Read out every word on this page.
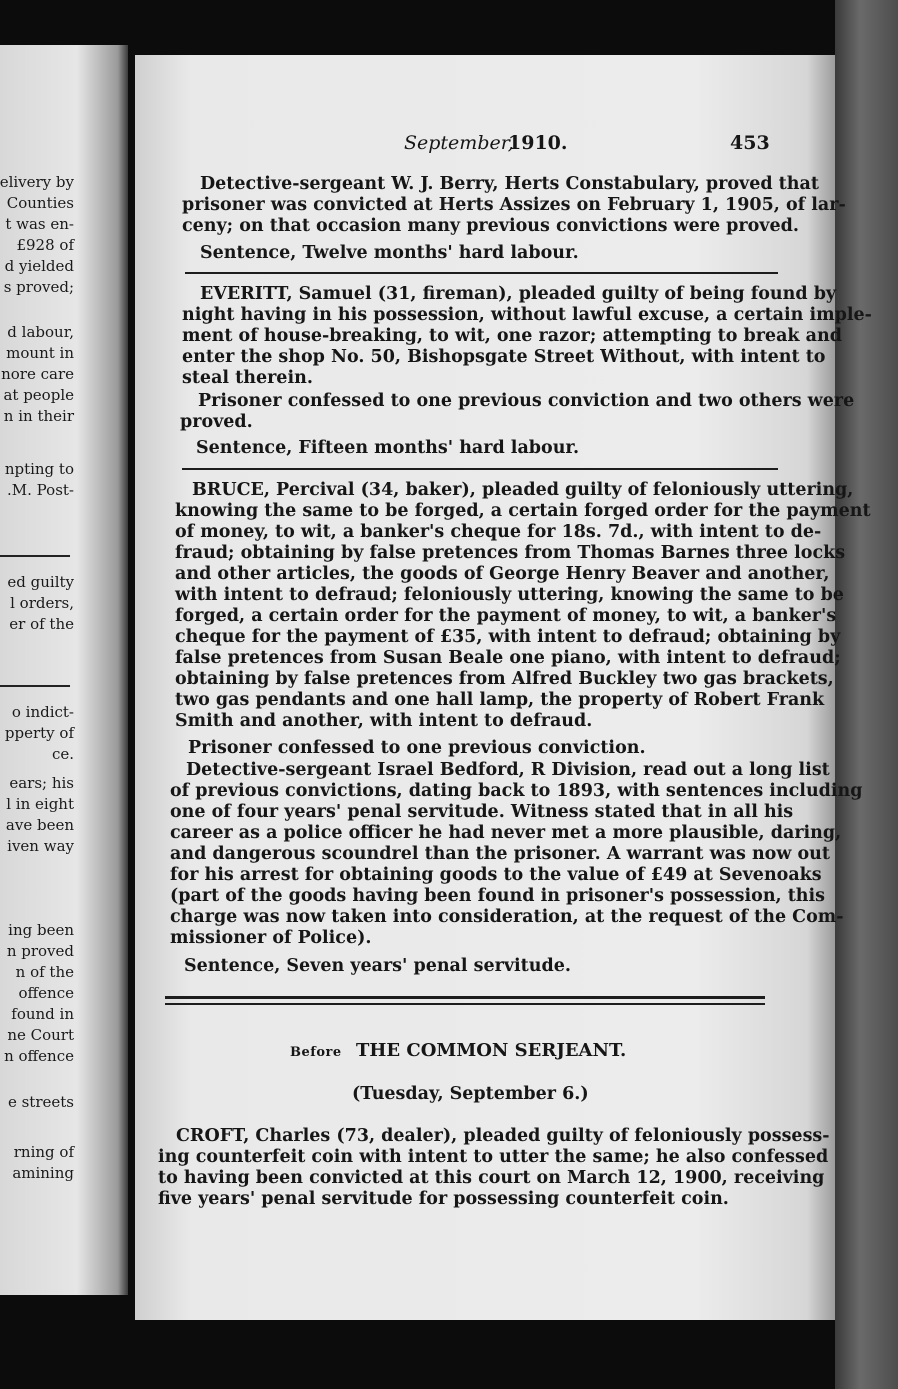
elivery by
Counties
t was en-
£928 of
d yielded
s proved;
d labour,
mount in
nore care
at people
n in their
npting to
.M. Post-
ed guilty
l orders,
er of the
o indict-
pperty of
ce.
ears; his
l in eight
ave been
iven way
ing been
n proved
n of the
offence
found in
ne Court
n offence
e streets
rning of
amining
September,
1910.	453
Detective-sergeant W. J. Berry, Herts Constabulary, proved that
prisoner was convicted at Herts Assizes on February 1, 1905, of lar-
ceny; on that occasion many previous convictions were proved.
Sentence, Twelve months' hard labour.
EVERITT, Samuel (31, fireman), pleaded guilty of being found by
night having in his possession, without lawful excuse, a certain imple-
ment of house-breaking, to wit, one razor; attempting to break and
enter the shop No. 50, Bishopsgate Street Without, with intent to
steal therein.
Prisoner confessed to one previous conviction and two others were
proved.
Sentence, Fifteen months' hard labour.
BRUCE, Percival (34, baker), pleaded guilty of feloniously uttering,
knowing the same to be forged, a certain forged order for the payment
of money, to wit, a banker's cheque for 18s. 7d., with intent to de-
fraud; obtaining by false pretences from Thomas Barnes three locks
and other articles, the goods of George Henry Beaver and another,
with intent to defraud; feloniously uttering, knowing the same to be
forged, a certain order for the payment of money, to wit, a banker's
cheque for the payment of £35, with intent to defraud; obtaining by
false pretences from Susan Beale one piano, with intent to defraud;
obtaining by false pretences from Alfred Buckley two gas brackets,
two gas pendants and one hall lamp, the property of Robert Frank
Smith and another, with intent to defraud.
Prisoner confessed to one previous conviction.
Detective-sergeant Israel Bedford, R Division, read out a long list
of previous convictions, dating back to 1893, with sentences including
one of four years' penal servitude. Witness stated that in all his
career as a police officer he had never met a more plausible, daring,
and dangerous scoundrel than the prisoner. A warrant was now out
for his arrest for obtaining goods to the value of £49 at Sevenoaks
(part of the goods having been found in prisoner's possession, this
charge was now taken into consideration, at the request of the Com-
missioner of Police).
Sentence, Seven years' penal servitude.
Before THE COMMON SERJEANT.
(Tuesday, September 6.)
CROFT, Charles (73, dealer), pleaded guilty of feloniously possess-
ing counterfeit coin with intent to utter the same; he also confessed
to having been convicted at this court on March 12, 1900, receiving
five years' penal servitude for possessing counterfeit coin.
